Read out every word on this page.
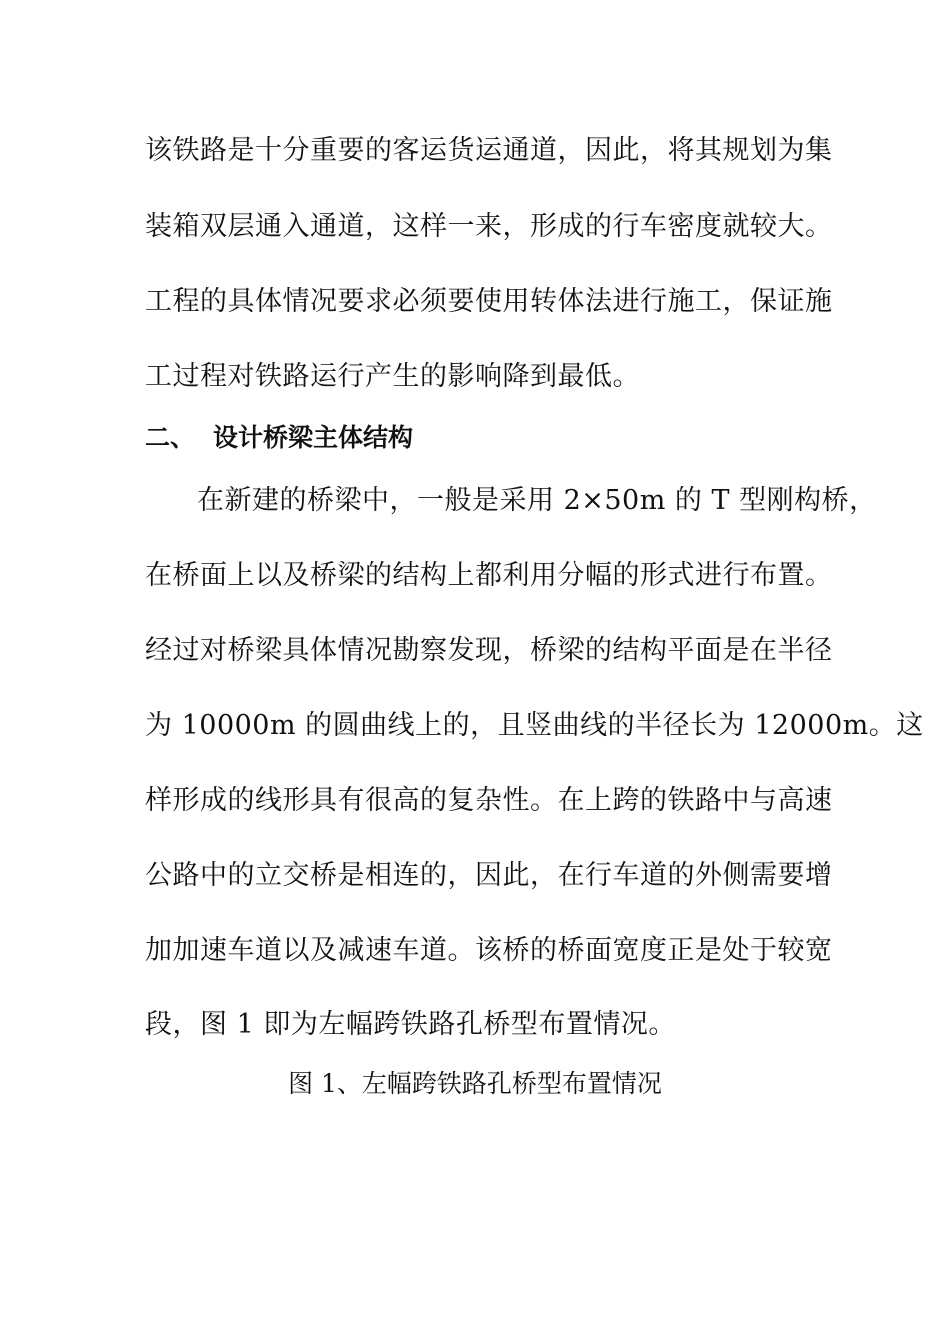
该铁路是十分重要的客运货运通道，因此，将其规划为集
装箱双层通入通道，这样一来，形成的行车密度就较大。
工程的具体情况要求必须要使用转体法进行施工，保证施
工过程对铁路运行产生的影响降到最低。
二、 设计桥梁主体结构
在新建的桥梁中，一般是采用 2×50m 的 T 型刚构桥，
在桥面上以及桥梁的结构上都利用分幅的形式进行布置。
经过对桥梁具体情况勘察发现，桥梁的结构平面是在半径
为 10000m 的圆曲线上的，且竖曲线的半径长为 12000m。这
样形成的线形具有很高的复杂性。在上跨的铁路中与高速
公路中的立交桥是相连的，因此，在行车道的外侧需要增
加加速车道以及减速车道。该桥的桥面宽度正是处于较宽
段，图 1 即为左幅跨铁路孔桥型布置情况。
图 1、左幅跨铁路孔桥型布置情况
